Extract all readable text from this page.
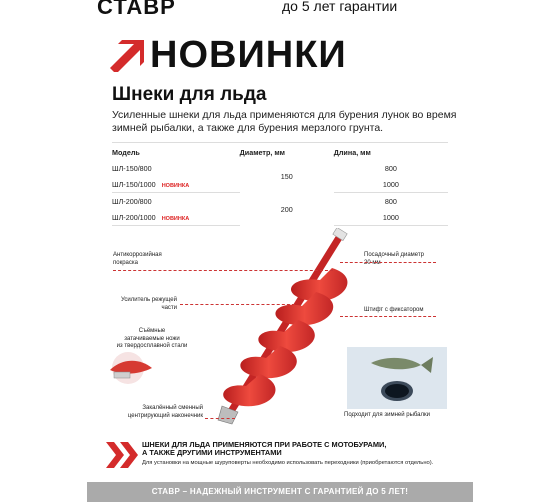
СТАВР	до 5 лет гарантии
НОВИНКИ
Шнеки для льда
Усиленные шнеки для льда применяются для бурения лунок во время зимней рыбалки, а также для бурения мерзлого грунта.
Модель	Диаметр, мм	Длина, мм
ШЛ-150/800	150	800
ШЛ-150/1000 НОВИНКА		1000
ШЛ-200/800	200	800
ШЛ-200/1000 НОВИНКА		1000
Антикоррозийная
покраска
Усилитель режущей
части
Съёмные
затачиваемые ножи
из твердосплавной стали
Закалённый сменный
центрирующий наконечник
Посадочный диаметр
20 мм
Штифт с фиксатором
Подходит для зимней рыбалки
ШНЕКИ ДЛЯ ЛЬДА ПРИМЕНЯЮТСЯ ПРИ РАБОТЕ С МОТОБУРАМИ,
А ТАКЖЕ ДРУГИМИ ИНСТРУМЕНТАМИ
Для установки на мощные шуруповерты необходимо использовать переходники (приобретаются отдельно).
СТАВР – НАДЕЖНЫЙ ИНСТРУМЕНТ С ГАРАНТИЕЙ ДО 5 ЛЕТ!
